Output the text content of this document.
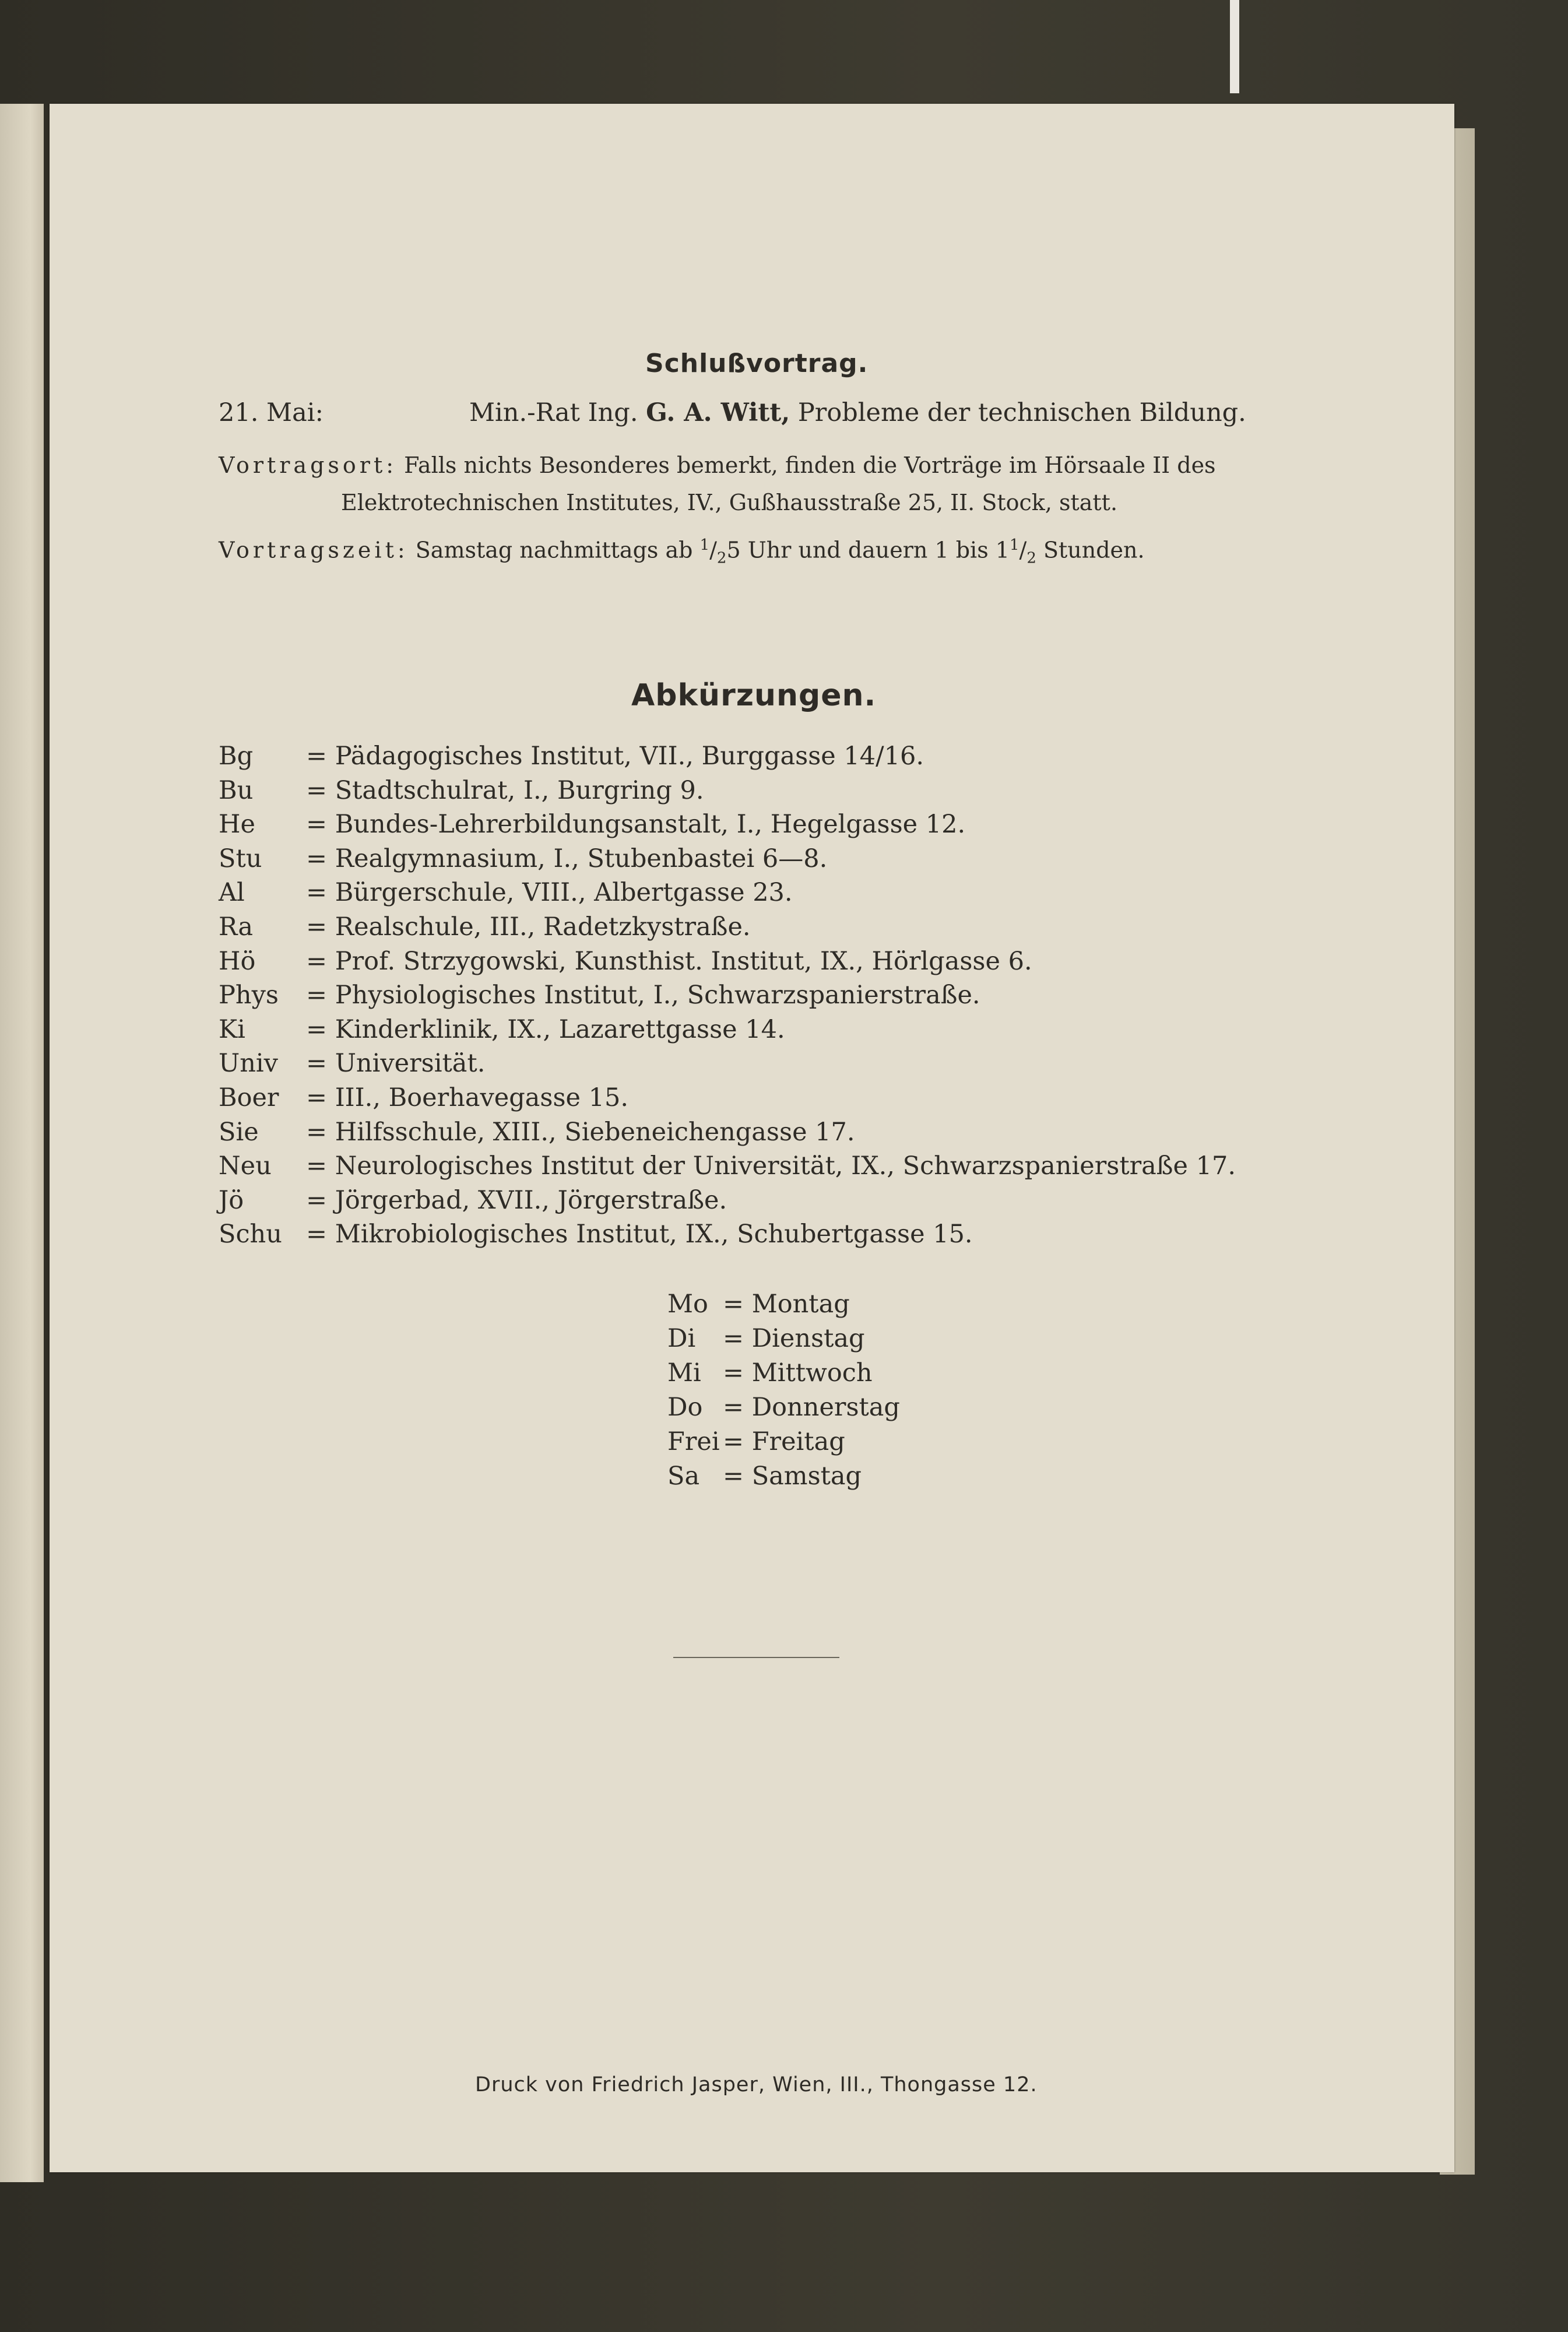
Schlußvortrag.
21. Mai:	Min.-Rat Ing. G. A. Witt, Probleme der technischen Bildung.
Vortragsort: Falls nichts Besonderes bemerkt, finden die Vorträge im Hörsaale II des
Elektrotechnischen Institutes, IV., Gußhausstraße 25, II. Stock, statt.
Vortragszeit: Samstag nachmittags ab $^1/_25$ Uhr und dauern 1 bis $1^1/_2$ Stunden.
Abkürzungen.
Bg	= Pädagogisches Institut, VII., Burggasse 14/16.
Bu	= Stadtschulrat, I., Burgring 9.
He	= Bundes-Lehrerbildungsanstalt, I., Hegelgasse 12.
Stu	= Realgymnasium, I., Stubenbastei 6—8.
Al	= Bürgerschule, VIII., Albertgasse 23.
Ra	= Realschule, III., Radetzkystraße.
Hö	= Prof. Strzygowski, Kunsthist. Institut, IX., Hörlgasse 6.
Phys	= Physiologisches Institut, I., Schwarzspanierstraße.
Ki	= Kinderklinik, IX., Lazarettgasse 14.
Univ	= Universität.
Boer	= III., Boerhavegasse 15.
Sie	= Hilfsschule, XIII., Siebeneichengasse 17.
Neu	= Neurologisches Institut der Universität, IX., Schwarzspanierstraße 17.
Jö	= Jörgerbad, XVII., Jörgerstraße.
Schu = Mikrobiologisches Institut, IX., Schubertgasse 15.
Mo = Montag
Di	= Dienstag
Mi = Mittwoch
Do = Donnerstag
Frei = Freitag
Sa = Samstag
Druck von Friedrich Jasper, Wien, III., Thongasse 12.
